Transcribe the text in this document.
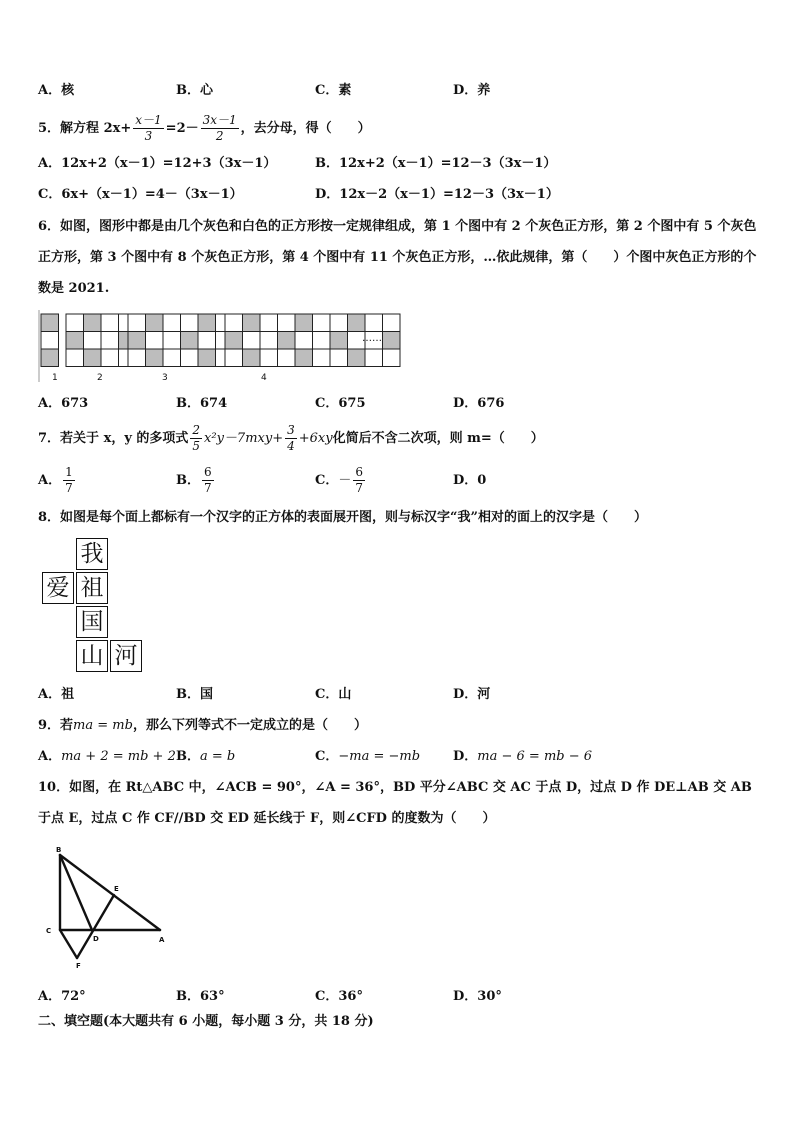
A．核	B．心	C．素	D．养
5．解方程 $2x+ \frac{x-1}{3} =2- \frac{3x-1}{2}$ ，去分母，得（　　）
A．12x+2（x－1）=12+3（3x－1）	B．12x+2（x－1）=12－3（3x－1）
C．6x+（x－1）=4－（3x－1）	D．12x－2（x－1）=12－3（3x－1）
6．如图，图形中都是由几个灰色和白色的正方形按一定规律组成，第 1 个图中有 2 个灰色正方形，第 2 个图中有 5 个灰色正方形，第 3 个图中有 8 个灰色正方形，第 4 个图中有 11 个灰色正方形，…依此规律，第（　　）个图中灰色正方形的个数是 2021.
……
1	2	3	4
A．673	B．674	C．675	D．676
7．若关于 x，y 的多项式 $\frac{2}{5} x^2y-7mxy+ \frac{3}{4} +6xy$化简后不含二次项，则 m=（　　）
A． $\frac{1}{7}$	B． $\frac{6}{7}$	C．－ $\frac{6}{7}$	D．0
8．如图是每个面上都标有一个汉字的正方体的表面展开图，则与标汉字“我”相对的面上的汉字是（　　）
我
爱 祖
国
山 河
A．祖	B．国	C．山	D．河
9．若ma = mb，那么下列等式不一定成立的是（　　）
A．ma + 2 = mb + 2 B．a = b	C．−ma = −mb	D．ma − 6 = mb − 6
10．如图，在 Rt△ABC 中，∠ACB = 90°，∠A = 36°，BD 平分∠ABC 交 AC 于点 D，过点 D 作 DE⊥AB 交 AB
于点 E，过点 C 作 CF//BD 交 ED 延长线于 F，则∠CFD 的度数为（　　）
B
E
C
D	A
F
A．72°	B．63°	C．36°	D．30°
二、填空题(本大题共有 6 小题，每小题 3 分，共 18 分)
